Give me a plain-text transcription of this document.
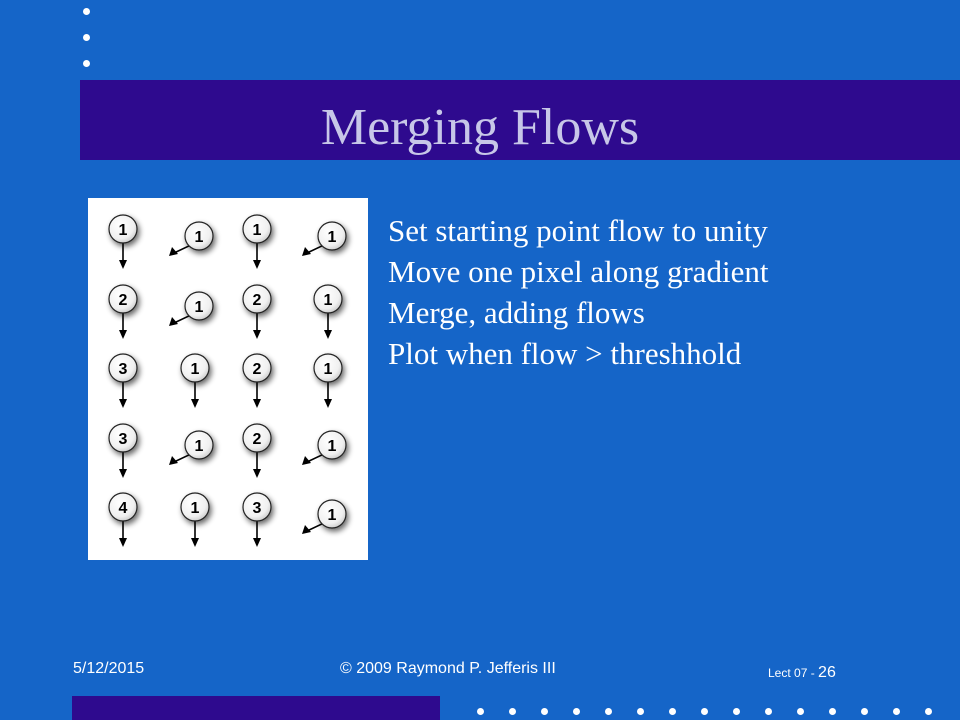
Merging Flows
1
2
3
3
4
1
1
1
1
1
1
2
2
2
3
1
1
1
1
1
Set starting point flow to unity
Move one pixel along gradient
Merge, adding flows
Plot when flow > threshhold
5/12/2015	© 2009 Raymond P. Jefferis III	Lect 07 - 26
